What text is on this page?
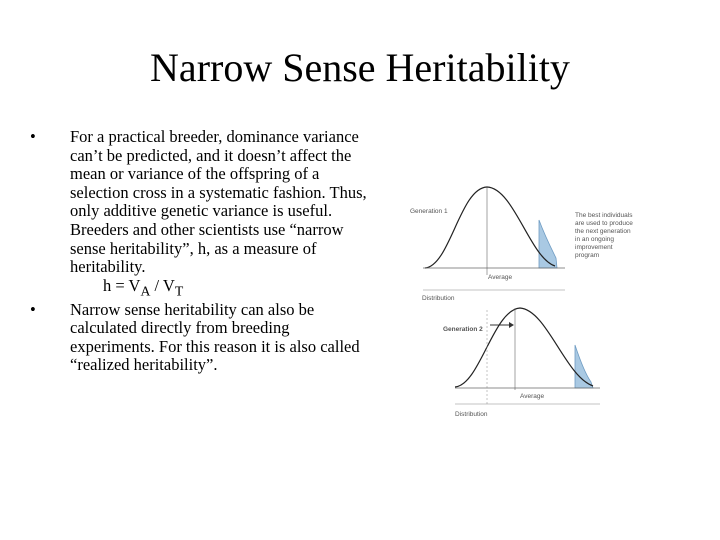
Narrow Sense Heritability
• For a practical breeder, dominance variance can’t be predicted, and it doesn’t affect the mean or variance of the offspring of a selection cross in a systematic fashion. Thus, only additive genetic variance is useful. Breeders and other scientists use “narrow sense heritability”, h, as a measure of heritability.
$h = V_A / V_T$
• Narrow sense heritability can also be calculated directly from breeding experiments. For this reason it is also called “realized heritability”.
Generation 1
Average
The best individuals
are used to produce
the next generation
in an ongoing
improvement
program
Distribution
Generation 2
Average
Distribution
